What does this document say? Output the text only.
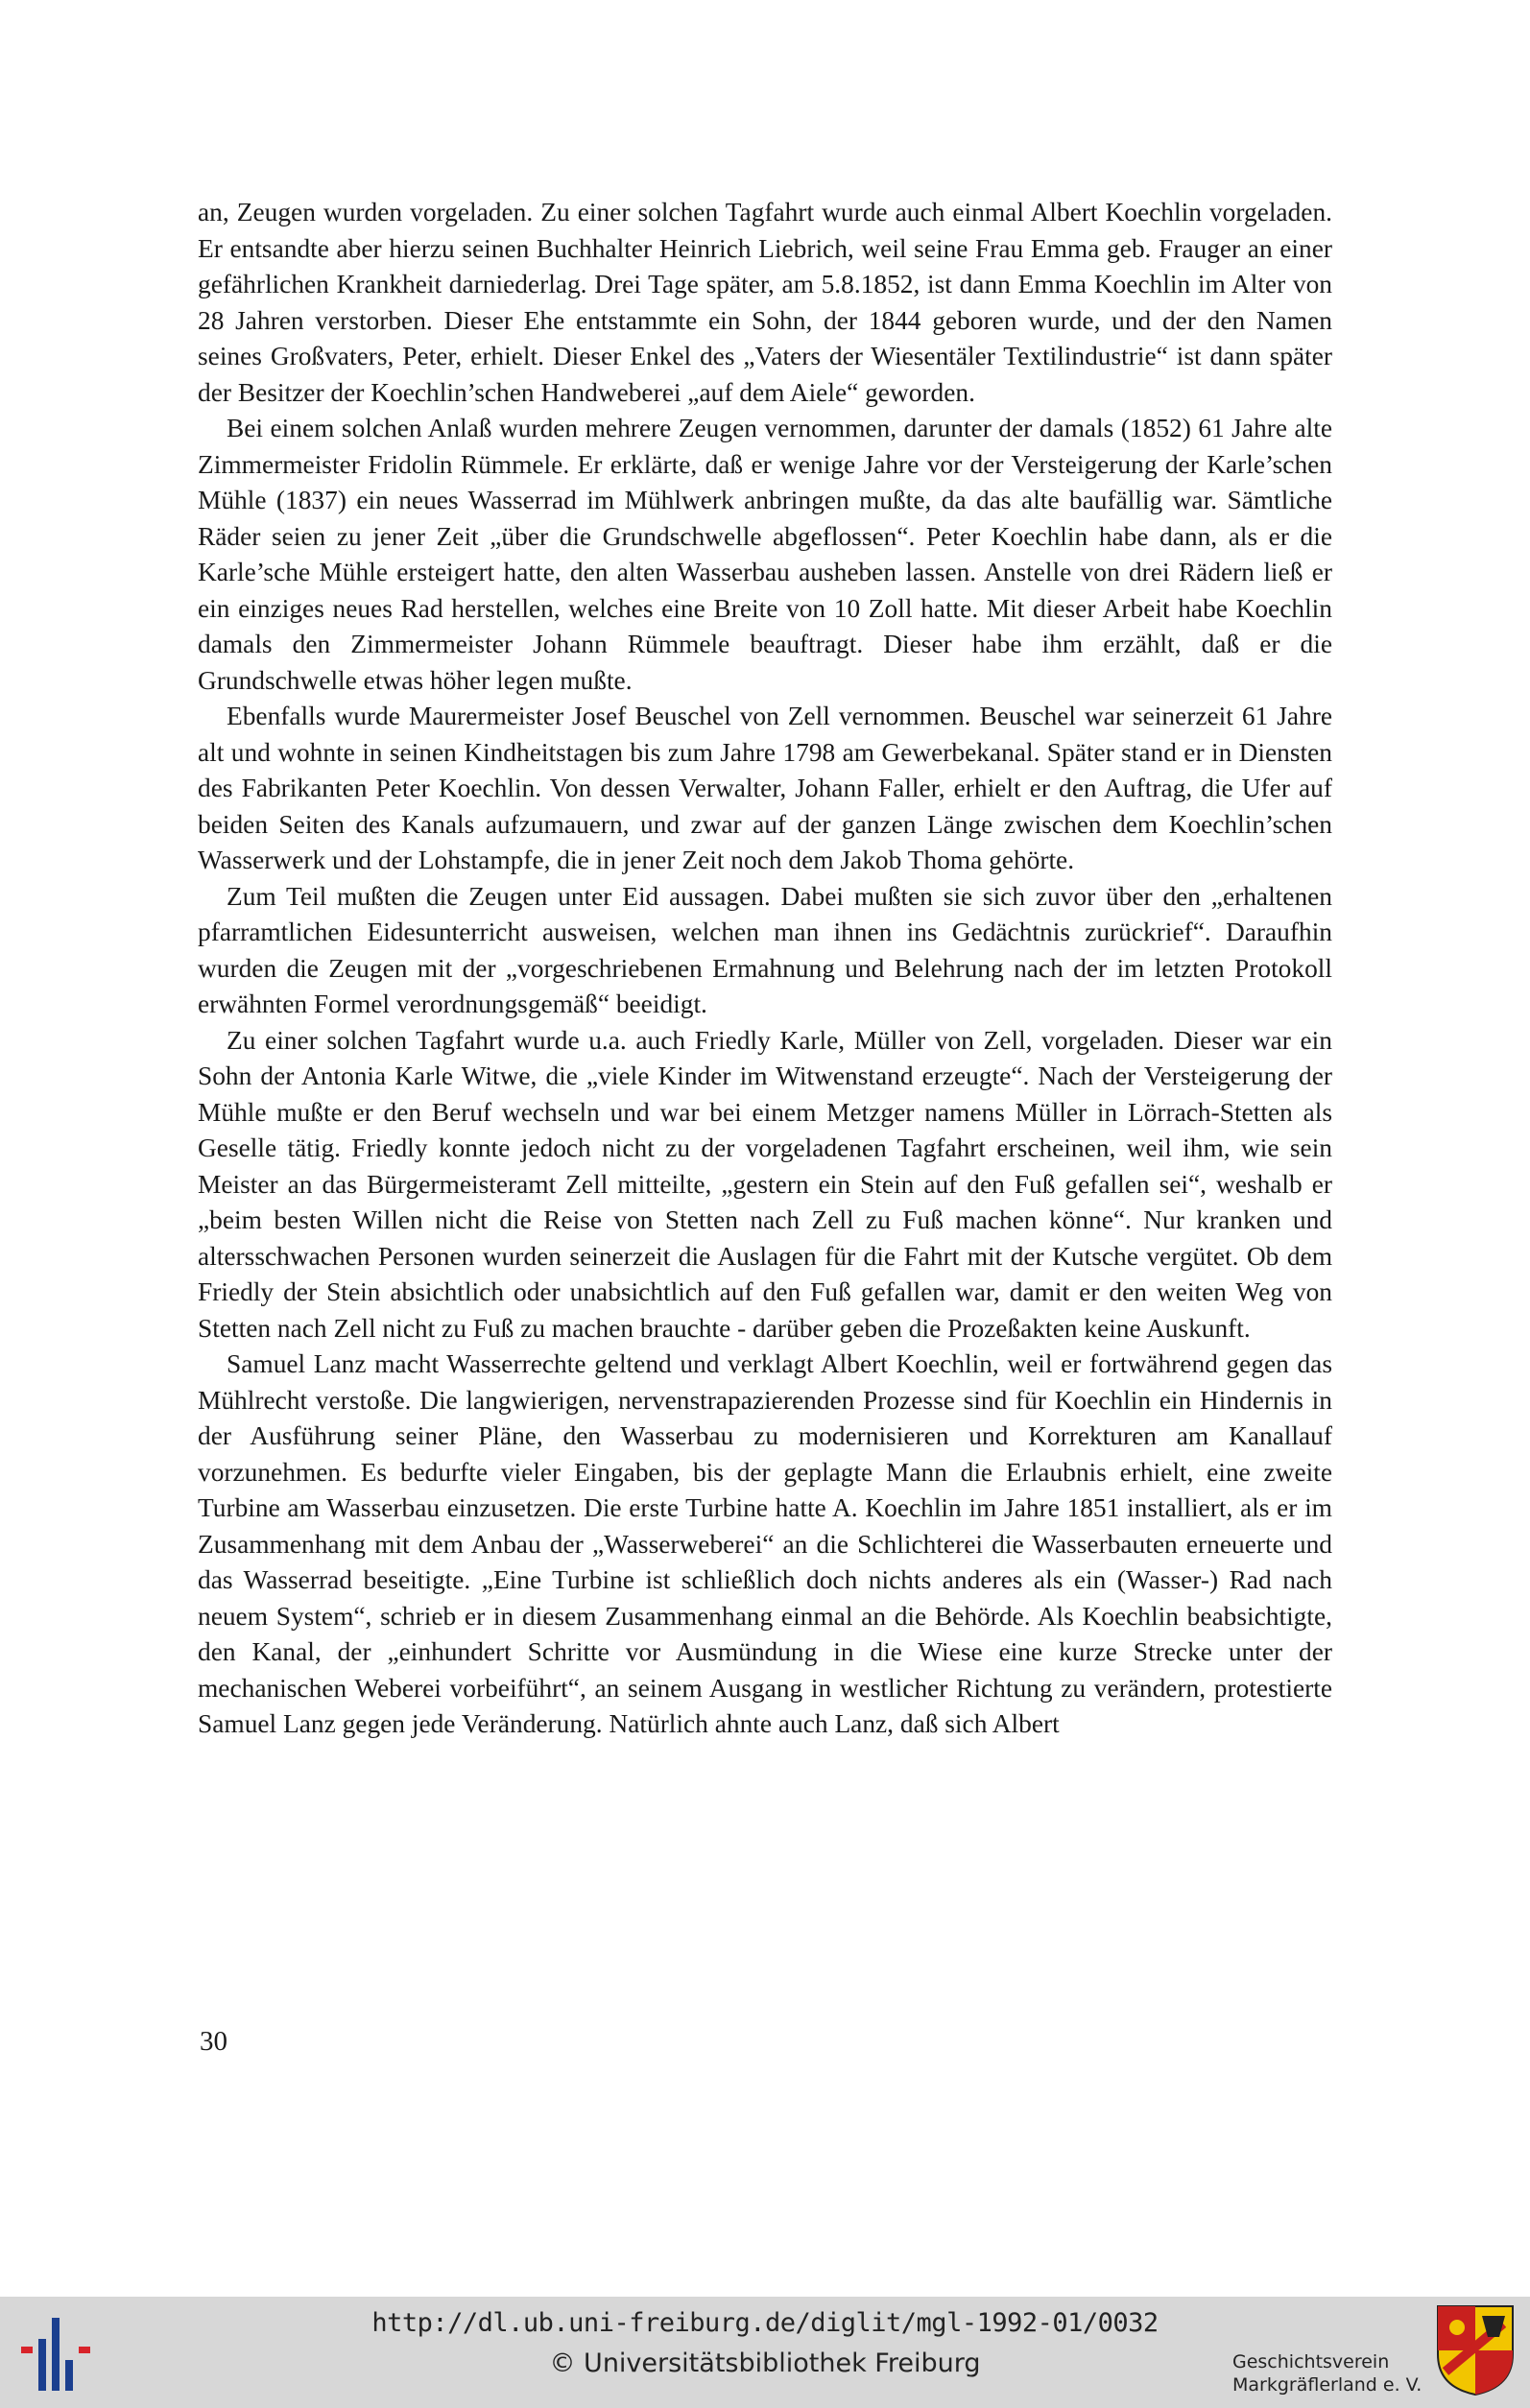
an, Zeugen wurden vorgeladen. Zu einer solchen Tagfahrt wurde auch einmal Albert Koechlin vorgeladen. Er entsandte aber hierzu seinen Buchhalter Heinrich Liebrich, weil seine Frau Emma geb. Frauger an einer gefährlichen Krankheit darniederlag. Drei Tage später, am 5.8.1852, ist dann Emma Koechlin im Alter von 28 Jahren verstorben. Dieser Ehe entstammte ein Sohn, der 1844 geboren wurde, und der den Namen seines Großvaters, Peter, erhielt. Dieser Enkel des „Vaters der Wiesentäler Textilindustrie“ ist dann später der Besitzer der Koechlin’schen Handweberei „auf dem Aiele“ geworden.

Bei einem solchen Anlaß wurden mehrere Zeugen vernommen, darunter der damals (1852) 61 Jahre alte Zimmermeister Fridolin Rümmele. Er erklärte, daß er wenige Jahre vor der Versteigerung der Karle’schen Mühle (1837) ein neues Wasserrad im Mühlwerk anbringen mußte, da das alte baufällig war. Sämtliche Räder seien zu jener Zeit „über die Grundschwelle abgeflossen“. Peter Koechlin habe dann, als er die Karle’sche Mühle ersteigert hatte, den alten Wasserbau ausheben lassen. Anstelle von drei Rädern ließ er ein einziges neues Rad herstellen, welches eine Breite von 10 Zoll hatte. Mit dieser Arbeit habe Koechlin damals den Zimmermeister Johann Rümmele beauftragt. Dieser habe ihm erzählt, daß er die Grundschwelle etwas höher legen mußte.

Ebenfalls wurde Maurermeister Josef Beuschel von Zell vernommen. Beuschel war seinerzeit 61 Jahre alt und wohnte in seinen Kindheitstagen bis zum Jahre 1798 am Gewerbekanal. Später stand er in Diensten des Fabrikanten Peter Koechlin. Von dessen Verwalter, Johann Faller, erhielt er den Auftrag, die Ufer auf beiden Seiten des Kanals aufzumauern, und zwar auf der ganzen Länge zwischen dem Koechlin’schen Wasserwerk und der Lohstampfe, die in jener Zeit noch dem Jakob Thoma gehörte.

Zum Teil mußten die Zeugen unter Eid aussagen. Dabei mußten sie sich zuvor über den „erhaltenen pfarramtlichen Eidesunterricht ausweisen, welchen man ihnen ins Gedächtnis zurückrief“. Daraufhin wurden die Zeugen mit der „vorgeschriebenen Ermahnung und Belehrung nach der im letzten Protokoll erwähnten Formel verordnungsgemäß“ beeidigt.

Zu einer solchen Tagfahrt wurde u.a. auch Friedly Karle, Müller von Zell, vorgeladen. Dieser war ein Sohn der Antonia Karle Witwe, die „viele Kinder im Witwenstand erzeugte“. Nach der Versteigerung der Mühle mußte er den Beruf wechseln und war bei einem Metzger namens Müller in Lörrach-Stetten als Geselle tätig. Friedly konnte jedoch nicht zu der vorgeladenen Tagfahrt erscheinen, weil ihm, wie sein Meister an das Bürgermeisteramt Zell mitteilte, „gestern ein Stein auf den Fuß gefallen sei“, weshalb er „beim besten Willen nicht die Reise von Stetten nach Zell zu Fuß machen könne“. Nur kranken und altersschwachen Personen wurden seinerzeit die Auslagen für die Fahrt mit der Kutsche vergütet. Ob dem Friedly der Stein absichtlich oder unabsichtlich auf den Fuß gefallen war, damit er den weiten Weg von Stetten nach Zell nicht zu Fuß zu machen brauchte - darüber geben die Prozeßakten keine Auskunft.

Samuel Lanz macht Wasserrechte geltend und verklagt Albert Koechlin, weil er fortwährend gegen das Mühlrecht verstoße. Die langwierigen, nervenstrapazierenden Prozesse sind für Koechlin ein Hindernis in der Ausführung seiner Pläne, den Wasserbau zu modernisieren und Korrekturen am Kanallauf vorzunehmen. Es bedurfte vieler Eingaben, bis der geplagte Mann die Erlaubnis erhielt, eine zweite Turbine am Wasserbau einzusetzen. Die erste Turbine hatte A. Koechlin im Jahre 1851 installiert, als er im Zusammenhang mit dem Anbau der „Wasserweberei“ an die Schlichterei die Wasserbauten erneuerte und das Wasserrad beseitigte. „Eine Turbine ist schließlich doch nichts anderes als ein (Wasser-) Rad nach neuem System“, schrieb er in diesem Zusammenhang einmal an die Behörde. Als Koechlin beabsichtigte, den Kanal, der „einhundert Schritte vor Ausmündung in die Wiese eine kurze Strecke unter der mechanischen Weberei vorbeiführt“, an seinem Ausgang in westlicher Richtung zu verändern, protestierte Samuel Lanz gegen jede Veränderung. Natürlich ahnte auch Lanz, daß sich Albert

30
http://dl.ub.uni-freiburg.de/diglit/mgl-1992-01/0032
© Universitätsbibliothek Freiburg	Geschichtsverein
Markgräflerland e. V.
